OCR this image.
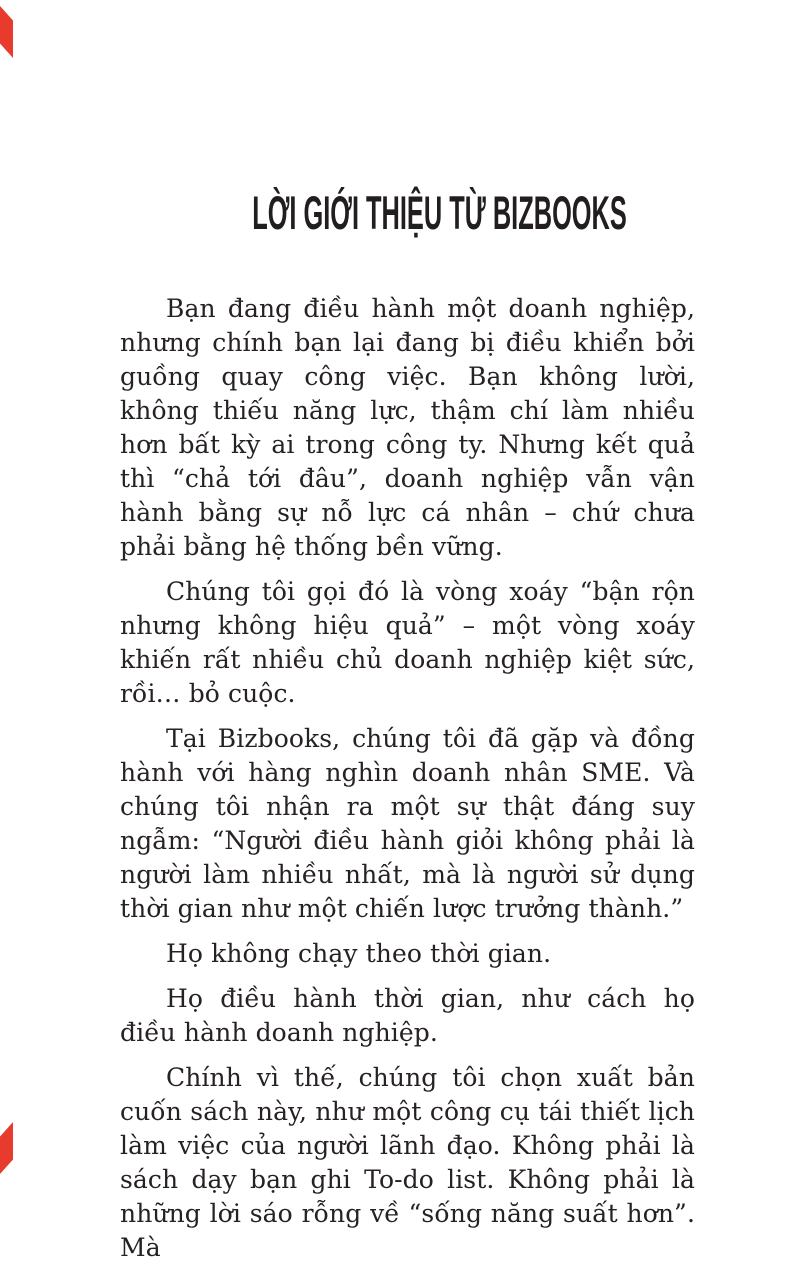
LỜI GIỚI THIỆU TỪ BIZBOOKS

Bạn đang điều hành một doanh nghiệp, nhưng chính bạn lại đang bị điều khiển bởi guồng quay công việc. Bạn không lười, không thiếu năng lực, thậm chí làm nhiều hơn bất kỳ ai trong công ty. Nhưng kết quả thì “chả tới đâu”, doanh nghiệp vẫn vận hành bằng sự nỗ lực cá nhân – chứ chưa phải bằng hệ thống bền vững.

Chúng tôi gọi đó là vòng xoáy “bận rộn nhưng không hiệu quả” – một vòng xoáy khiến rất nhiều chủ doanh nghiệp kiệt sức, rồi… bỏ cuộc.

Tại Bizbooks, chúng tôi đã gặp và đồng hành với hàng nghìn doanh nhân SME. Và chúng tôi nhận ra một sự thật đáng suy ngẫm: “Người điều hành giỏi không phải là người làm nhiều nhất, mà là người sử dụng thời gian như một chiến lược trưởng thành.”

Họ không chạy theo thời gian.

Họ điều hành thời gian, như cách họ điều hành doanh nghiệp.

Chính vì thế, chúng tôi chọn xuất bản cuốn sách này, như một công cụ tái thiết lịch làm việc của người lãnh đạo. Không phải là sách dạy bạn ghi To-do list. Không phải là những lời sáo rỗng về “sống năng suất hơn”. Mà
